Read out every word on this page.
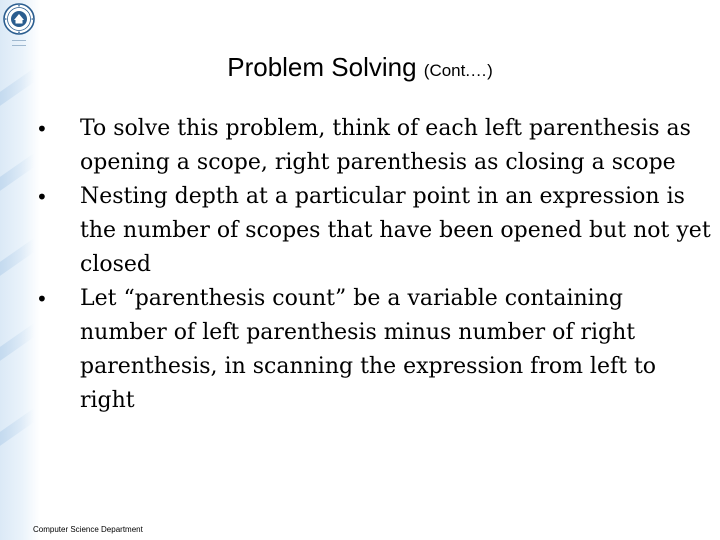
Problem Solving (Cont.…)
•	To solve this problem, think of each left parenthesis as opening a scope, right parenthesis as closing a scope
•	Nesting depth at a particular point in an expression is the number of scopes that have been opened but not yet closed
•	Let “parenthesis count” be a variable containing number of left parenthesis minus number of right parenthesis, in scanning the expression from left to right
Computer Science Department
